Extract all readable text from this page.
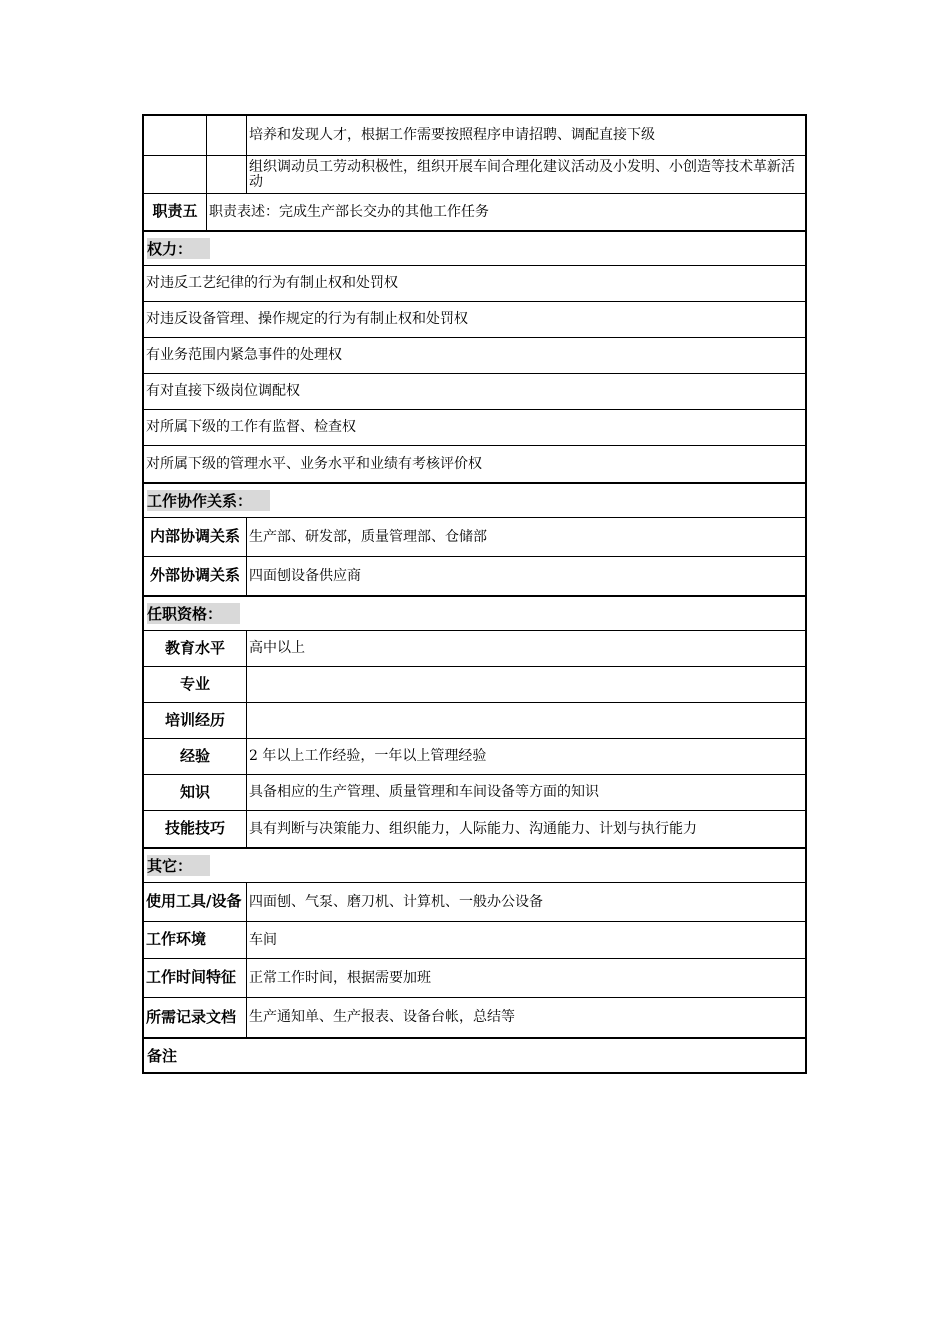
培养和发现人才，根据工作需要按照程序申请招聘、调配直接下级
组织调动员工劳动积极性，组织开展车间合理化建议活动及小发明、小创造等技术革新活动
职责五 职责表述：完成生产部长交办的其他工作任务
权力：
对违反工艺纪律的行为有制止权和处罚权
对违反设备管理、操作规定的行为有制止权和处罚权
有业务范围内紧急事件的处理权
有对直接下级岗位调配权
对所属下级的工作有监督、检查权
对所属下级的管理水平、业务水平和业绩有考核评价权
工作协作关系：
内部协调关系 生产部、研发部，质量管理部、仓储部
外部协调关系 四面刨设备供应商
任职资格：
教育水平	高中以上
专业
培训经历
经验	2 年以上工作经验，一年以上管理经验
知识	具备相应的生产管理、质量管理和车间设备等方面的知识
技能技巧	具有判断与决策能力、组织能力，人际能力、沟通能力、计划与执行能力
其它：
使用工具/设备 四面刨、气泵、磨刀机、计算机、一般办公设备
工作环境	车间
工作时间特征 正常工作时间，根据需要加班
所需记录文档 生产通知单、生产报表、设备台帐，总结等
备注
